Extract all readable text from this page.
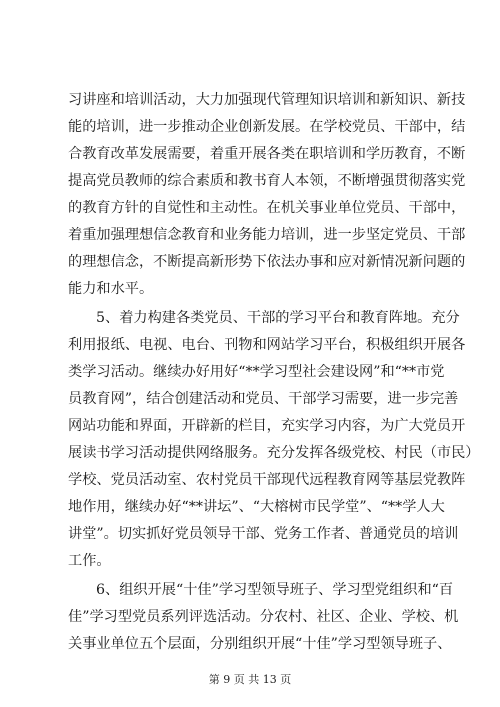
习讲座和培训活动，大力加强现代管理知识培训和新知识、新技
能的培训，进一步推动企业创新发展。在学校党员、干部中，结
合教育改革发展需要，着重开展各类在职培训和学历教育，不断
提高党员教师的综合素质和教书育人本领，不断增强贯彻落实党
的教育方针的自觉性和主动性。在机关事业单位党员、干部中，
着重加强理想信念教育和业务能力培训，进一步坚定党员、干部
的理想信念，不断提高新形势下依法办事和应对新情况新问题的
能力和水平。
5、着力构建各类党员、干部的学习平台和教育阵地。充分
利用报纸、电视、电台、刊物和网站学习平台，积极组织开展各
类学习活动。继续办好用好“**学习型社会建设网”和“**市党
员教育网”，结合创建活动和党员、干部学习需要，进一步完善
网站功能和界面，开辟新的栏目，充实学习内容，为广大党员开
展读书学习活动提供网络服务。充分发挥各级党校、村民（市民）
学校、党员活动室、农村党员干部现代远程教育网等基层党教阵
地作用，继续办好“**讲坛”、“大榕树市民学堂”、“**学人大
讲堂”。切实抓好党员领导干部、党务工作者、普通党员的培训
工作。
6、组织开展“十佳”学习型领导班子、学习型党组织和“百
佳”学习型党员系列评选活动。分农村、社区、企业、学校、机
关事业单位五个层面，分别组织开展“十佳”学习型领导班子、
第 9 页 共 13 页
